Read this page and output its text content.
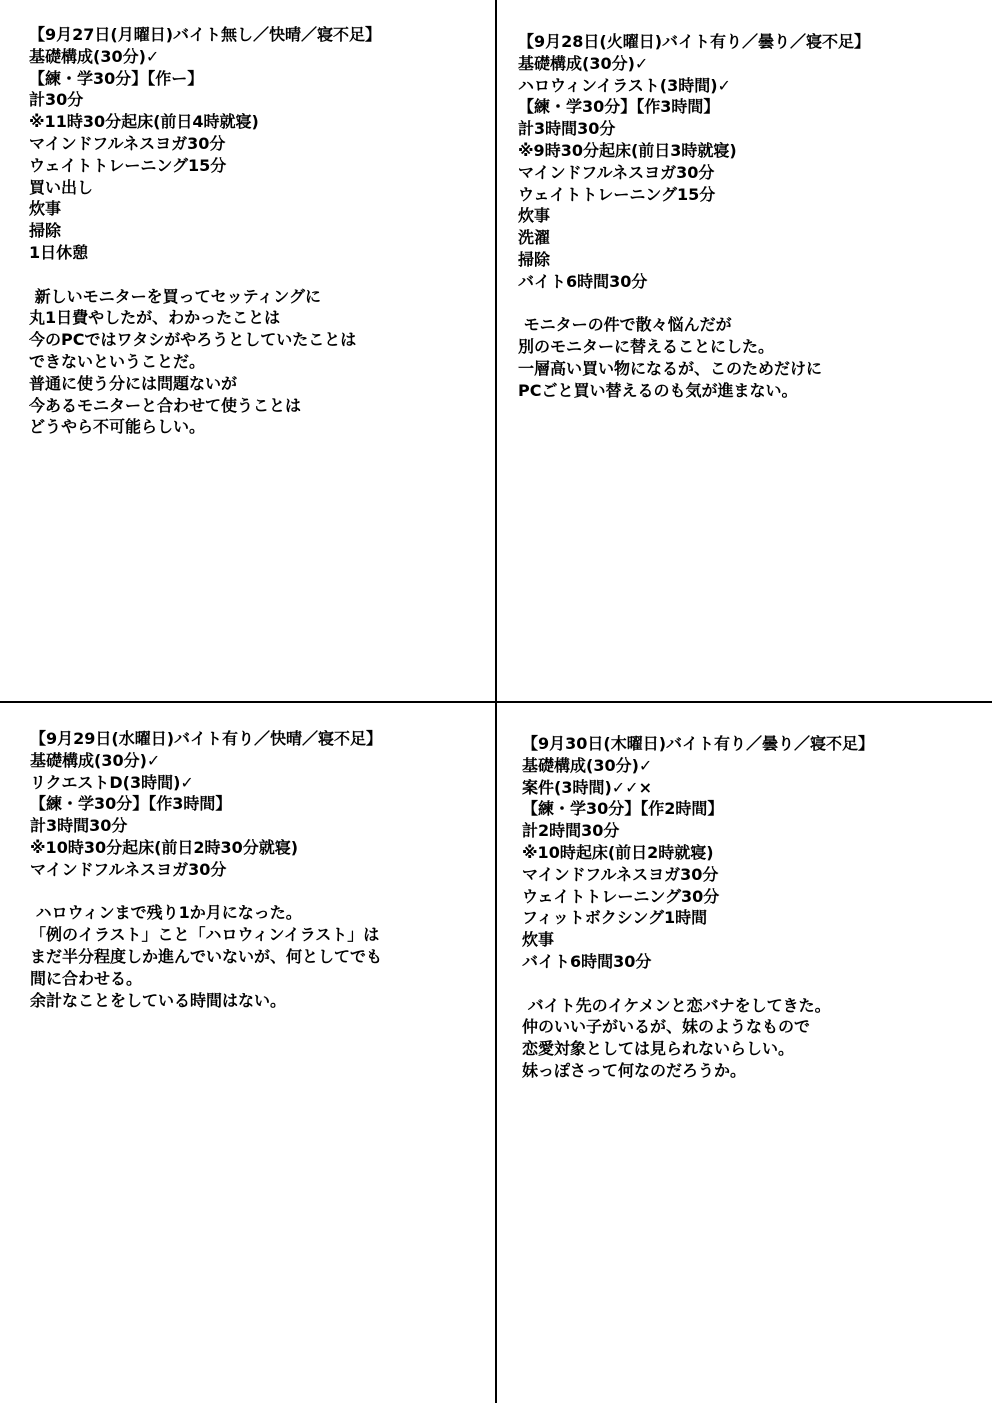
【9月27日(月曜日)バイト無し／快晴／寝不足】
基礎構成(30分)✓
【練・学30分】【作ー】
計30分
※11時30分起床(前日4時就寝)
マインドフルネスヨガ30分
ウェイトトレーニング15分
買い出し
炊事
掃除
1日休憩
新しいモニターを買ってセッティングに
丸1日費やしたが、わかったことは
今のPCではワタシがやろうとしていたことは
できないということだ。
普通に使う分には問題ないが
今あるモニターと合わせて使うことは
どうやら不可能らしい。
【9月28日(火曜日)バイト有り／曇り／寝不足】
基礎構成(30分)✓
ハロウィンイラスト(3時間)✓
【練・学30分】【作3時間】
計3時間30分
※9時30分起床(前日3時就寝)
マインドフルネスヨガ30分
ウェイトトレーニング15分
炊事
洗濯
掃除
バイト6時間30分
モニターの件で散々悩んだが
別のモニターに替えることにした。
一層高い買い物になるが、このためだけに
PCごと買い替えるのも気が進まない。
【9月29日(水曜日)バイト有り／快晴／寝不足】
基礎構成(30分)✓
リクエストD(3時間)✓
【練・学30分】【作3時間】
計3時間30分
※10時30分起床(前日2時30分就寝)
マインドフルネスヨガ30分
ハロウィンまで残り1か月になった。
「例のイラスト」こと「ハロウィンイラスト」は
まだ半分程度しか進んでいないが、何としてでも
間に合わせる。
余計なことをしている時間はない。
【9月30日(木曜日)バイト有り／曇り／寝不足】
基礎構成(30分)✓
案件(3時間)✓✓×
【練・学30分】【作2時間】
計2時間30分
※10時起床(前日2時就寝)
マインドフルネスヨガ30分
ウェイトトレーニング30分
フィットボクシング1時間
炊事
バイト6時間30分
バイト先のイケメンと恋バナをしてきた。
仲のいい子がいるが、妹のようなもので
恋愛対象としては見られないらしい。
妹っぽさって何なのだろうか。
